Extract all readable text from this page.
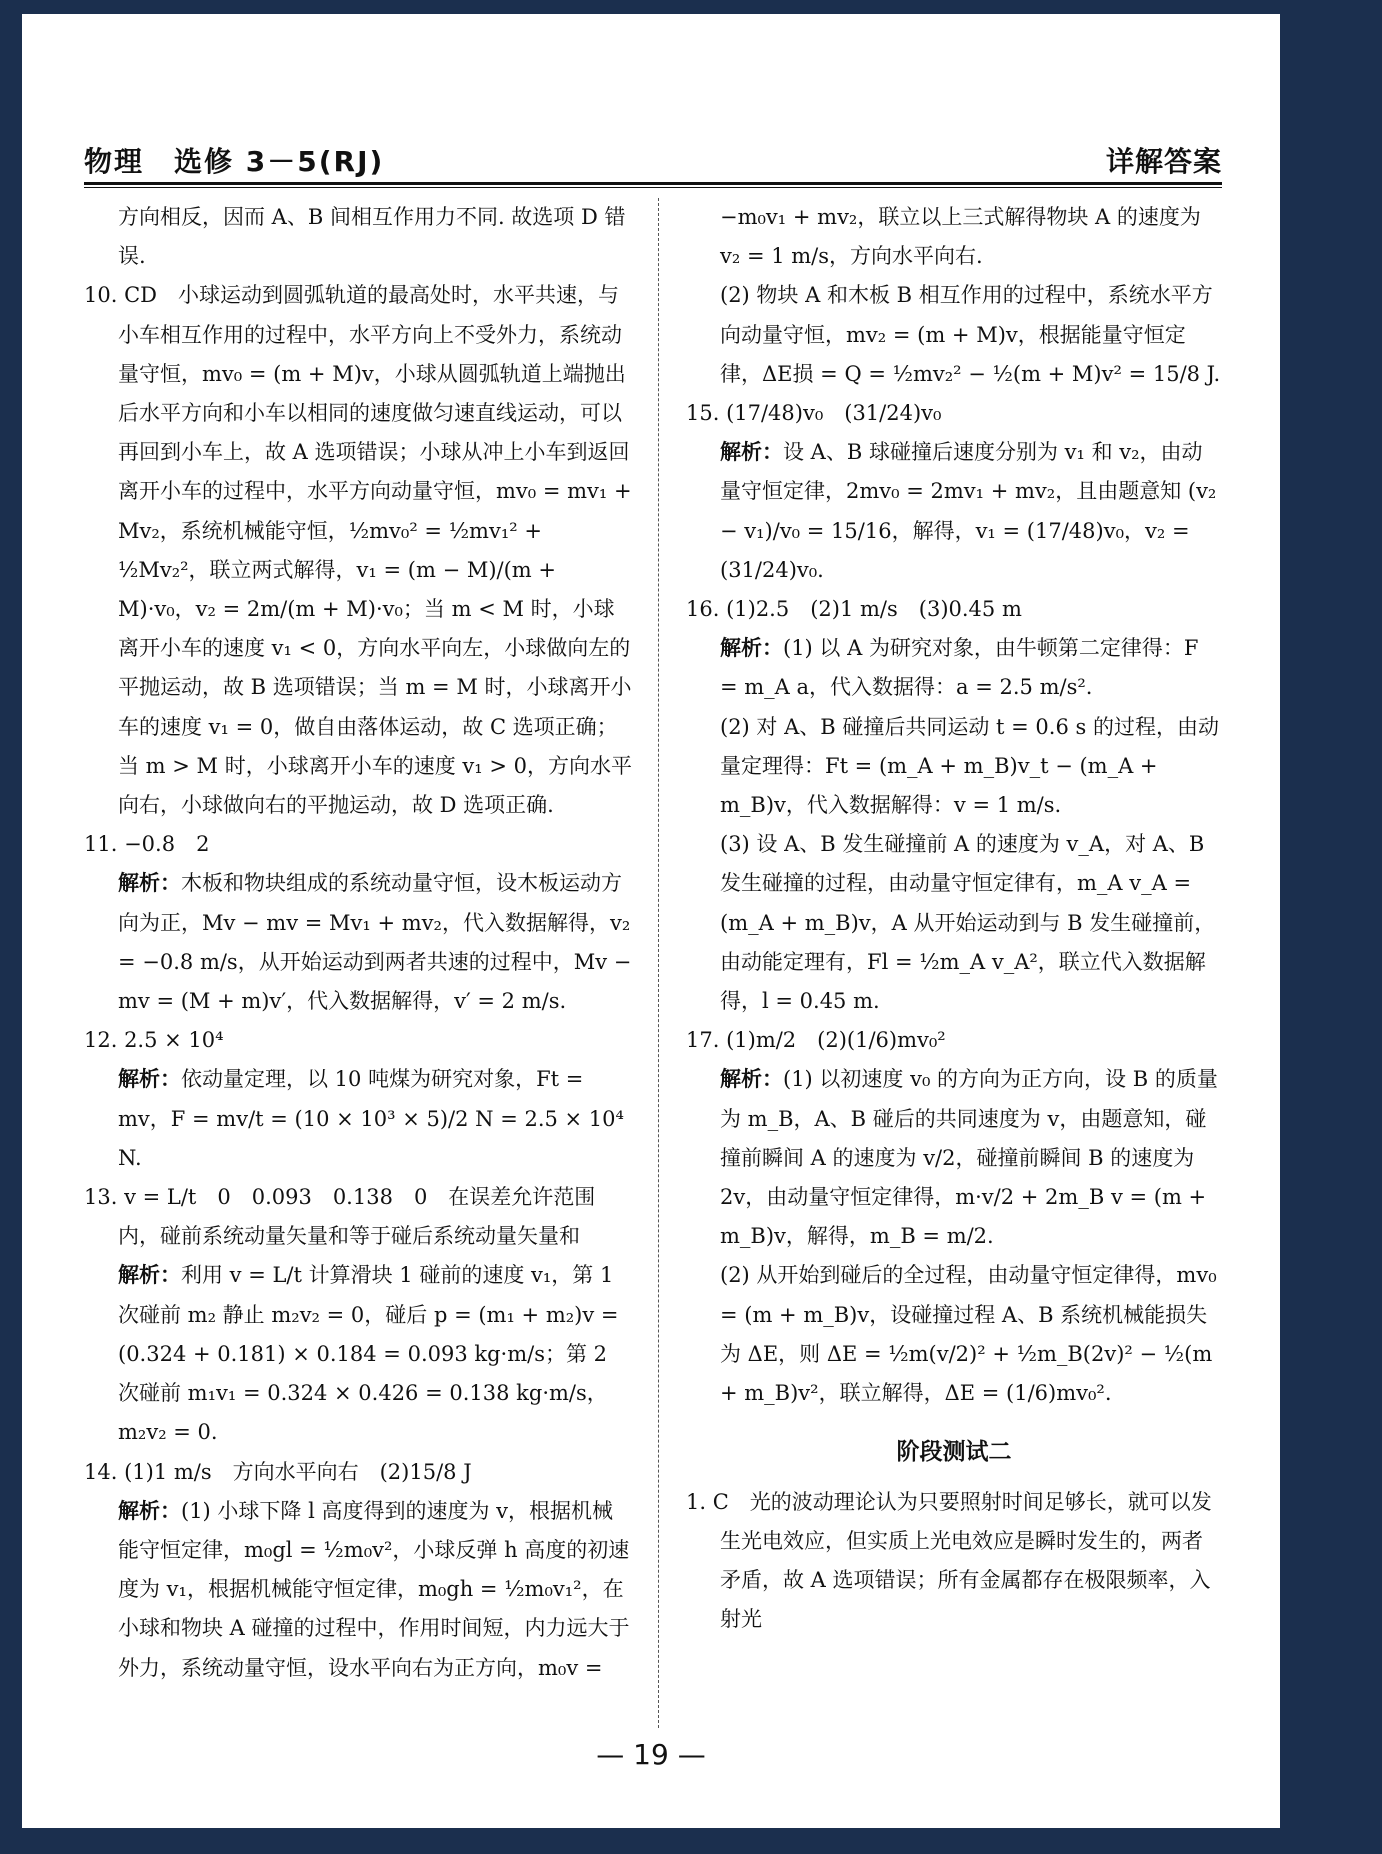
物理　选修 3－5(RJ)	详解答案

方向相反，因而 A、B 间相互作用力不同. 故选项 D 错误.

10. CD　小球运动到圆弧轨道的最高处时，水平共速，与小车相互作用的过程中，水平方向上不受外力，系统动量守恒，mv₀ = (m + M)v，小球从圆弧轨道上端抛出后水平方向和小车以相同的速度做匀速直线运动，可以再回到小车上，故 A 选项错误；小球从冲上小车到返回离开小车的过程中，水平方向动量守恒，mv₀ = mv₁ + Mv₂，系统机械能守恒，½mv₀² = ½mv₁² + ½Mv₂²，联立两式解得，v₁ = (m − M)/(m + M)·v₀，v₂ = 2m/(m + M)·v₀；当 m < M 时，小球离开小车的速度 v₁ < 0，方向水平向左，小球做向左的平抛运动，故 B 选项错误；当 m = M 时，小球离开小车的速度 v₁ = 0，做自由落体运动，故 C 选项正确；当 m > M 时，小球离开小车的速度 v₁ > 0，方向水平向右，小球做向右的平抛运动，故 D 选项正确.

11. −0.8　2

解析：木板和物块组成的系统动量守恒，设木板运动方向为正，Mv − mv = Mv₁ + mv₂，代入数据解得，v₂ = −0.8 m/s，从开始运动到两者共速的过程中，Mv − mv = (M + m)v′，代入数据解得，v′ = 2 m/s.

12. 2.5 × 10⁴

解析：依动量定理，以 10 吨煤为研究对象，Ft = mv，F = mv/t = (10 × 10³ × 5)/2 N = 2.5 × 10⁴ N.

13. v = L/t　0　0.093　0.138　0　在误差允许范围内，碰前系统动量矢量和等于碰后系统动量矢量和

解析：利用 v = L/t 计算滑块 1 碰前的速度 v₁，第 1 次碰前 m₂ 静止 m₂v₂ = 0，碰后 p = (m₁ + m₂)v = (0.324 + 0.181) × 0.184 = 0.093 kg·m/s；第 2 次碰前 m₁v₁ = 0.324 × 0.426 = 0.138 kg·m/s，m₂v₂ = 0.

14. (1)1 m/s　方向水平向右　(2)15/8 J

解析：(1) 小球下降 l 高度得到的速度为 v，根据机械能守恒定律，m₀gl = ½m₀v²，小球反弹 h 高度的初速度为 v₁，根据机械能守恒定律，m₀gh = ½m₀v₁²，在小球和物块 A 碰撞的过程中，作用时间短，内力远大于外力，系统动量守恒，设水平向右为正方向，m₀v =

−m₀v₁ + mv₂，联立以上三式解得物块 A 的速度为 v₂ = 1 m/s，方向水平向右.

(2) 物块 A 和木板 B 相互作用的过程中，系统水平方向动量守恒，mv₂ = (m + M)v，根据能量守恒定律，ΔE损 = Q = ½mv₂² − ½(m + M)v² = 15/8 J.

15. (17/48)v₀　(31/24)v₀

解析：设 A、B 球碰撞后速度分别为 v₁ 和 v₂，由动量守恒定律，2mv₀ = 2mv₁ + mv₂，且由题意知 (v₂ − v₁)/v₀ = 15/16，解得，v₁ = (17/48)v₀，v₂ = (31/24)v₀.

16. (1)2.5　(2)1 m/s　(3)0.45 m

解析：(1) 以 A 为研究对象，由牛顿第二定律得：F = m_A a，代入数据得：a = 2.5 m/s².

(2) 对 A、B 碰撞后共同运动 t = 0.6 s 的过程，由动量定理得：Ft = (m_A + m_B)v_t − (m_A + m_B)v，代入数据解得：v = 1 m/s.

(3) 设 A、B 发生碰撞前 A 的速度为 v_A，对 A、B 发生碰撞的过程，由动量守恒定律有，m_A v_A = (m_A + m_B)v，A 从开始运动到与 B 发生碰撞前，由动能定理有，Fl = ½m_A v_A²，联立代入数据解得，l = 0.45 m.

17. (1)m/2　(2)(1/6)mv₀²

解析：(1) 以初速度 v₀ 的方向为正方向，设 B 的质量为 m_B，A、B 碰后的共同速度为 v，由题意知，碰撞前瞬间 A 的速度为 v/2，碰撞前瞬间 B 的速度为 2v，由动量守恒定律得，m·v/2 + 2m_B v = (m + m_B)v，解得，m_B = m/2.

(2) 从开始到碰后的全过程，由动量守恒定律得，mv₀ = (m + m_B)v，设碰撞过程 A、B 系统机械能损失为 ΔE，则 ΔE = ½m(v/2)² + ½m_B(2v)² − ½(m + m_B)v²，联立解得，ΔE = (1/6)mv₀².

阶段测试二

1. C　光的波动理论认为只要照射时间足够长，就可以发生光电效应，但实质上光电效应是瞬时发生的，两者矛盾，故 A 选项错误；所有金属都存在极限频率，入射光

— 19 —
